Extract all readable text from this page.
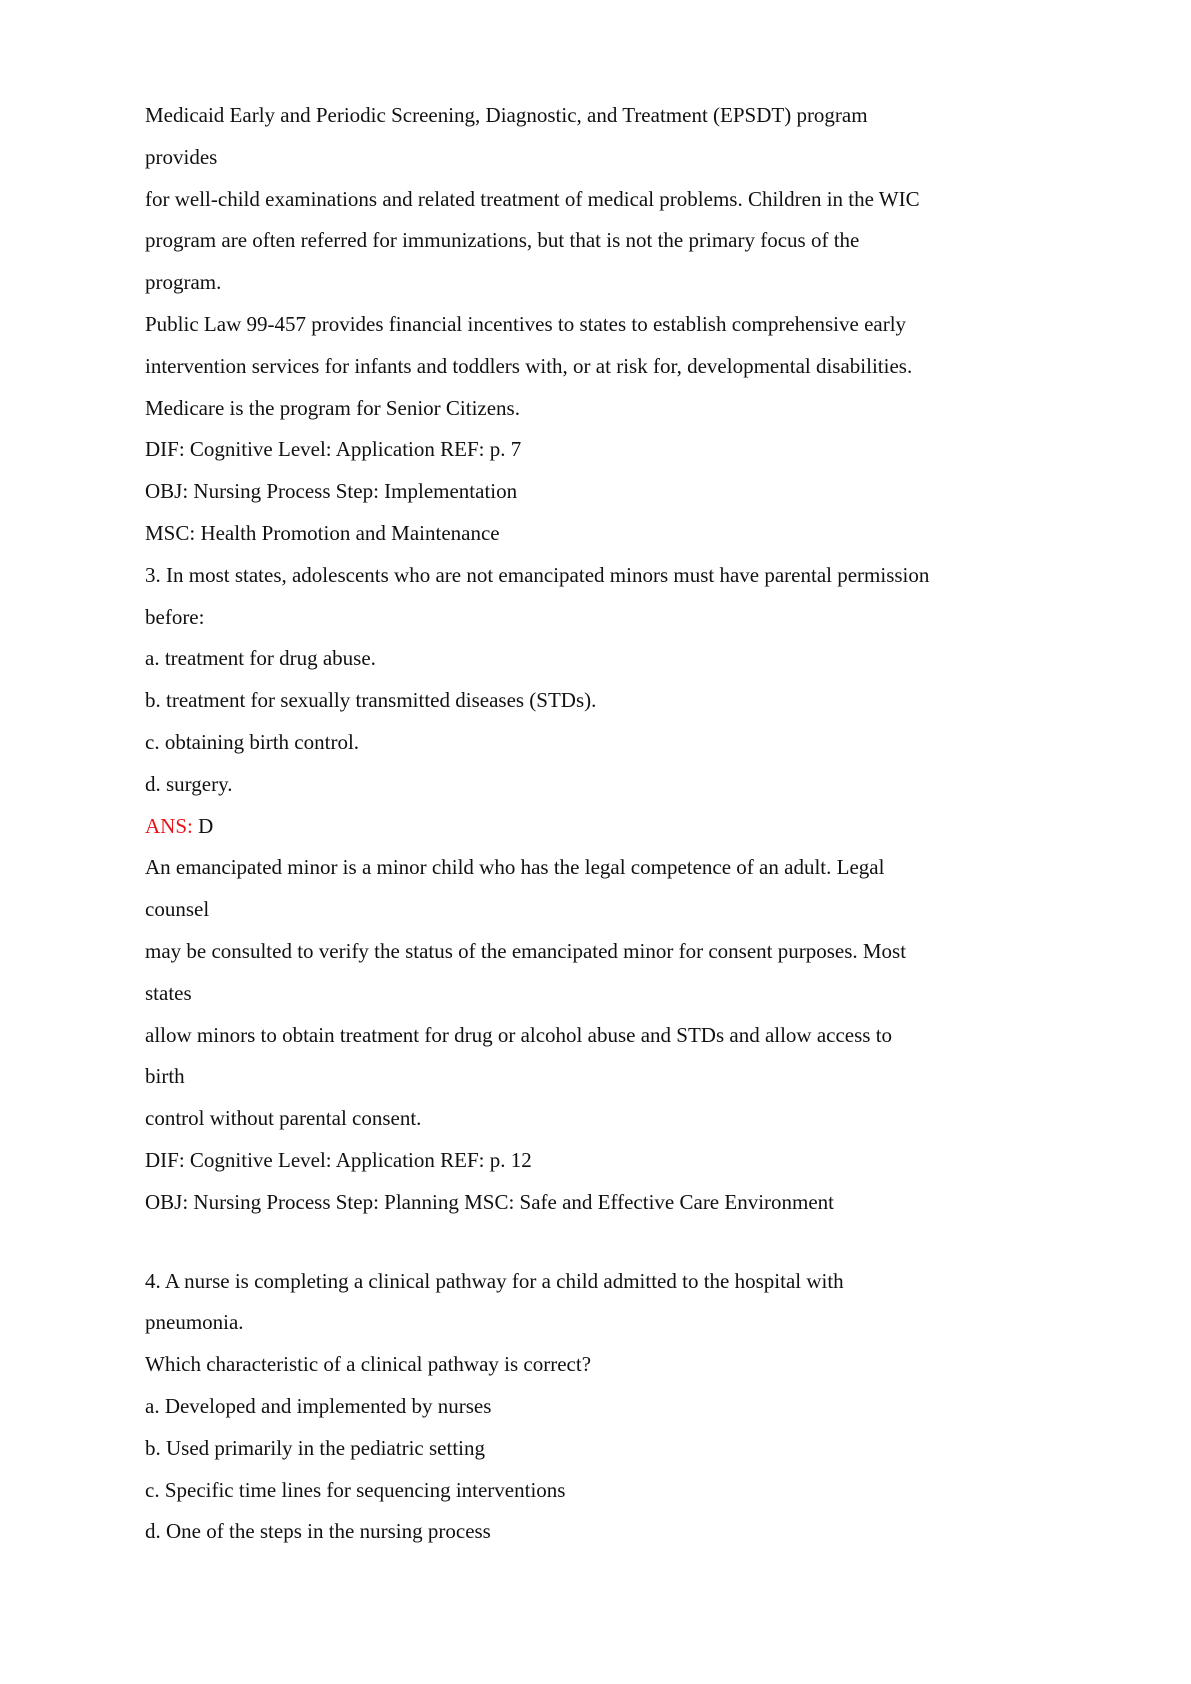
Medicaid Early and Periodic Screening, Diagnostic, and Treatment (EPSDT) program
provides
for well-child examinations and related treatment of medical problems. Children in the WIC
program are often referred for immunizations, but that is not the primary focus of the
program.
Public Law 99-457 provides financial incentives to states to establish comprehensive early
intervention services for infants and toddlers with, or at risk for, developmental disabilities.
Medicare is the program for Senior Citizens.
DIF: Cognitive Level: Application REF: p. 7
OBJ: Nursing Process Step: Implementation
MSC: Health Promotion and Maintenance
3. In most states, adolescents who are not emancipated minors must have parental permission
before:
a. treatment for drug abuse.
b. treatment for sexually transmitted diseases (STDs).
c. obtaining birth control.
d. surgery.
ANS: D
An emancipated minor is a minor child who has the legal competence of an adult. Legal
counsel
may be consulted to verify the status of the emancipated minor for consent purposes. Most
states
allow minors to obtain treatment for drug or alcohol abuse and STDs and allow access to
birth
control without parental consent.
DIF: Cognitive Level: Application REF: p. 12
OBJ: Nursing Process Step: Planning MSC: Safe and Effective Care Environment
4. A nurse is completing a clinical pathway for a child admitted to the hospital with
pneumonia.
Which characteristic of a clinical pathway is correct?
a. Developed and implemented by nurses
b. Used primarily in the pediatric setting
c. Specific time lines for sequencing interventions
d. One of the steps in the nursing process
